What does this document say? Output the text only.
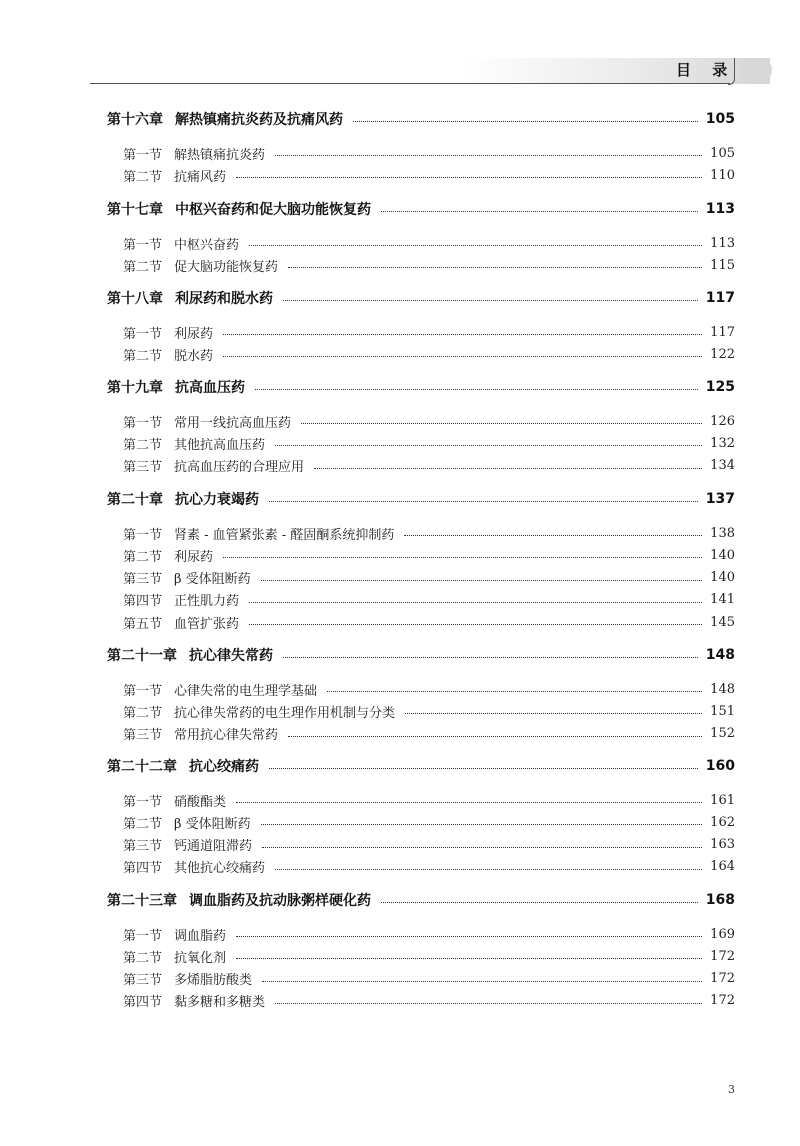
目 录
第十六章 解热镇痛抗炎药及抗痛风药	105
第一节 解热镇痛抗炎药	105
第二节 抗痛风药	110
第十七章 中枢兴奋药和促大脑功能恢复药	113
第一节 中枢兴奋药	113
第二节 促大脑功能恢复药	115
第十八章 利尿药和脱水药	117
第一节 利尿药	117
第二节 脱水药	122
第十九章 抗高血压药	125
第一节 常用一线抗高血压药	126
第二节 其他抗高血压药	132
第三节 抗高血压药的合理应用	134
第二十章 抗心力衰竭药	137
第一节 肾素 - 血管紧张素 - 醛固酮系统抑制药	138
第二节 利尿药	140
第三节 β 受体阻断药	140
第四节 正性肌力药	141
第五节 血管扩张药	145
第二十一章 抗心律失常药	148
第一节 心律失常的电生理学基础	148
第二节 抗心律失常药的电生理作用机制与分类	151
第三节 常用抗心律失常药	152
第二十二章 抗心绞痛药	160
第一节 硝酸酯类	161
第二节 β 受体阻断药	162
第三节 钙通道阻滞药	163
第四节 其他抗心绞痛药	164
第二十三章 调血脂药及抗动脉粥样硬化药	168
第一节 调血脂药	169
第二节 抗氧化剂	172
第三节 多烯脂肪酸类	172
第四节 黏多糖和多糖类	172
3
